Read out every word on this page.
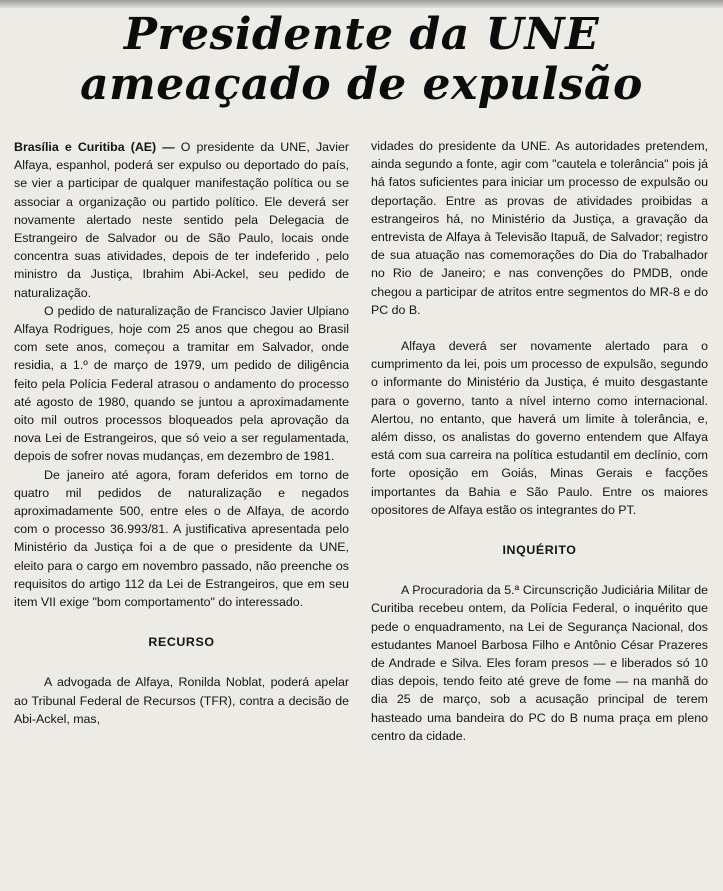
Presidente da UNE
ameaçado de expulsão

Brasília e Curitiba (AE) — O presidente da UNE, Javier Alfaya, espanhol, poderá ser expulso ou deportado do país, se vier a participar de qualquer manifestação política ou se associar a organização ou partido político. Ele deverá ser novamente alertado neste sentido pela Delegacia de Estrangeiro de Salvador ou de São Paulo, locais onde concentra suas atividades, depois de ter indeferido , pelo ministro da Justiça, Ibrahim Abi-Ackel, seu pedido de naturalização.

O pedido de naturalização de Francisco Javier Ulpiano Alfaya Rodrigues, hoje com 25 anos que chegou ao Brasil com sete anos, começou a tramitar em Salvador, onde residia, a 1.º de março de 1979, um pedido de diligência feito pela Polícia Federal atrasou o andamento do processo até agosto de 1980, quando se juntou a aproximadamente oito mil outros processos bloqueados pela aprovação da nova Lei de Estrangeiros, que só veio a ser regulamentada, depois de sofrer novas mudanças, em dezembro de 1981.

De janeiro até agora, foram deferidos em torno de quatro mil pedidos de naturalização e negados aproximadamente 500, entre eles o de Alfaya, de acordo com o processo 36.993/81. A justificativa apresentada pelo Ministério da Justiça foi a de que o presidente da UNE, eleito para o cargo em novembro passado, não preenche os requisitos do artigo 112 da Lei de Estrangeiros, que em seu item VII exige "bom comportamento" do interessado.

RECURSO

A advogada de Alfaya, Ronilda Noblat, poderá apelar ao Tribunal Federal de Recursos (TFR), contra a decisão de Abi-Ackel, mas,

vidades do presidente da UNE. As autoridades pretendem, ainda segundo a fonte, agir com "cautela e tolerância" pois já há fatos suficientes para iniciar um processo de expulsão ou deportação. Entre as provas de atividades proibidas a estrangeiros há, no Ministério da Justiça, a gravação da entrevista de Alfaya à Televisão Itapuã, de Salvador; registro de sua atuação nas comemorações do Dia do Trabalhador no Rio de Janeiro; e nas convenções do PMDB, onde chegou a participar de atritos entre segmentos do MR-8 e do PC do B.

Alfaya deverá ser novamente alertado para o cumprimento da lei, pois um processo de expulsão, segundo o informante do Ministério da Justiça, é muito desgastante para o governo, tanto a nível interno como internacional. Alertou, no entanto, que haverá um limite à tolerância, e, além disso, os analistas do governo entendem que Alfaya está com sua carreira na política estudantil em declínio, com forte oposição em Goiás, Minas Gerais e facções importantes da Bahia e São Paulo. Entre os maiores opositores de Alfaya estão os integrantes do PT.

INQUÉRITO

A Procuradoria da 5.ª Circunscrição Judiciária Militar de Curitiba recebeu ontem, da Polícia Federal, o inquérito que pede o enquadramento, na Lei de Segurança Nacional, dos estudantes Manoel Barbosa Filho e Antônio César Prazeres de Andrade e Silva. Eles foram presos — e liberados só 10 dias depois, tendo feito até greve de fome — na manhã do dia 25 de março, sob a acusação principal de terem hasteado uma bandeira do PC do B numa praça em pleno centro da cidade.
